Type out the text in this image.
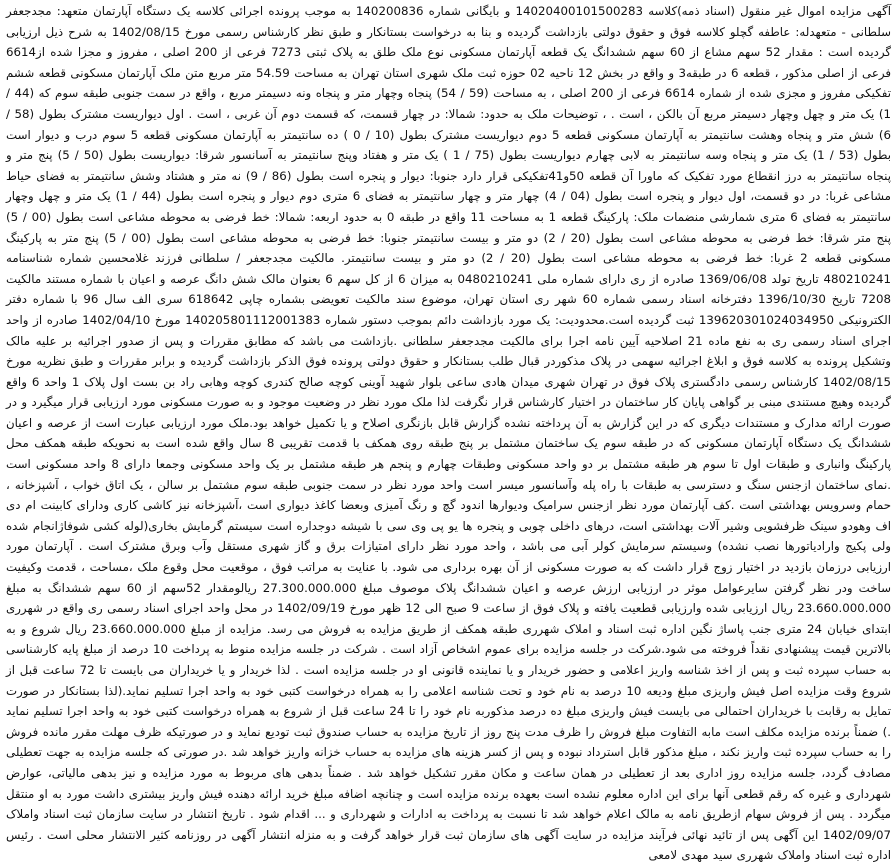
آگهی مزایده اموال غیر منقول (اسناد ذمه)کلاسه 14020400101500283 و بایگانی شماره 140200836 به موجب پرونده اجرائی کلاسه یک دستگاه آپارتمان متعهد: مجدجعفر سلطانی - متعهدله: عاطفه گچلو کلاسه فوق و حقوق دولتی بازداشت گردیده و بنا به درخواست بستانکار و طبق نظر کارشناس رسمی مورخ 1402/08/15 به شرح ذیل ارزیابی گردیده است : مقدار 52 سهم مشاع از 60 سهم ششدانگ یک قطعه آپارتمان مسکونی نوع ملک طلق به پلاک ثبتی 7273 فرعی از 200 اصلی ، مفروز و مجزا شده از6614 فرعی از اصلی مذکور ، قطعه 6 در طبقه3 و واقع در بخش 12 ناحیه 02 حوزه ثبت ملک شهری استان تهران به مساحت 54.59 متر مربع متن ملک آپارتمان مسکونی قطعه ششم تفکیکی مفروز و مجزی شده از شماره 6614 فرعی از 200 اصلی ، به مساحت (59 / 54) پنجاه وچهار متر و پنجاه ونه دسیمتر مربع ، واقع در سمت جنوبی طبقه سوم که (44 / 1) یک متر و چهل وچهار دسیمتر مربع آن بالکن ، است . ، توضیحات ملک به حدود: شمالا: در چهار قسمت، که قسمت دوم آن غربی ، است . اول دیواریست مشترک بطول (58 / 6) شش متر و پنجاه وهشت سانتیمتر به آپارتمان مسکونی قطعه 5 دوم دیواریست مشترک بطول (10 / 0 ) ده سانتیمتر به آپارتمان مسکونی قطعه 5 سوم درب و دیوار است بطول (53 / 1) یک متر و پنجاه وسه سانتیمتر به لابی چهارم دیواریست بطول (75 / 1 ) یک متر و هفتاد وپنج سانتیمتر به آسانسور شرقا: دیواریست بطول (50 / 5) پنج متر و پنجاه سانتیمتر به درز انقطاع مورد تفکیک که ماورا آن قطعه 50و41تفکیکی قرار دارد جنوبا: دیوار و پنجره است بطول (86 / 9) نه متر و هشتاد وشش سانتیمتر به فضای حیاط مشاعی غربا: در دو قسمت، اول دیوار و پنجره است بطول (04 / 4) چهار متر و چهار سانتیمتر به فضای 6 متری دوم دیوار و پنجره است بطول (44 / 1) یک متر و چهل وچهار سانتیمتر به فضای 6 متری شمارشی منضمات ملک: پارکینگ قطعه 1 به مساحت 11 واقع در طبقه 0 به حدود اربعه: شمالا: خط فرضی به محوطه مشاعی است بطول (00 / 5) پنج متر شرقا: خط فرضی به محوطه مشاعی است بطول (20 / 2) دو متر و بیست سانتیمتر جنوبا: خط فرضی به محوطه مشاعی است بطول (00 / 5) پنج متر به پارکینگ مسکونی قطعه 2 غربا: خط فرضی به محوطه مشاعی است بطول (20 / 2) دو متر و بیست سانتیمتر. مالکیت مجدجعفر / سلطانی فرزند غلامحسین شماره شناسنامه 480210241 تاریخ تولد 1369/06/08 صادره از ری دارای شماره ملی 0480210241 به میزان 6 از کل سهم 6 بعنوان مالک شش دانگ عرصه و اعیان با شماره مستند مالکیت 7208 تاریخ 1396/10/30 دفترخانه اسناد رسمی شماره 60 شهر ری استان تهران، موضوع سند مالکیت تعویضی بشماره چاپی 618642 سری الف سال 96 با شماره دفتر الکترونیکی 139620301024034950 ثبت گردیده است.محدودیت: یک مورد بازداشت دائم بموجب دستور شماره 140205801112001383 مورخ 1402/04/10 صادره از واحد اجرای اسناد رسمی ری به نفع ماده 21 اصلاحیه آیین نامه اجرا برای مالکیت مجدجعفر سلطانی .بازداشت می باشد که مطابق مقررات و پس از صدور اجرائیه بر علیه مالک وتشکیل پرونده به کلاسه فوق و ابلاغ اجرائیه سهمی در پلاک مذکوردر قبال طلب بستانکار و حقوق دولتی پرونده فوق الذکر بازداشت گردیده و برابر مقررات و طبق نظریه مورخ 1402/08/15 کارشناس رسمی دادگستری پلاک فوق در تهران شهری میدان هادی ساعی بلوار شهید آوینی کوچه صالح کندری کوچه وهابی راد بن بست اول پلاک 1 واحد 6 واقع گردیده وهیچ مستندی مبنی بر گواهی پایان کار ساختمان در اختیار کارشناس قرار نگرفت لذا ملک مورد نظر در وضعیت موجود و به صورت مسکونی مورد ارزیابی قرار میگیرد و در صورت ارائه مدارک و مستندات دیگری که در این گزارش به آن پرداخته نشده گزارش قابل بازنگری اصلاح و یا تکمیل خواهد بود.ملک مورد ارزیابی عبارت است از عرصه و اعیان ششدانگ یک دستگاه آپارتمان مسکونی که در طبقه سوم یک ساختمان مشتمل بر پنج طبقه روی همکف با قدمت تقریبی 8 سال واقع شده است به نحویکه طبقه همکف محل پارکینگ وانباری و طبقات اول تا سوم هر طبقه مشتمل بر دو واحد مسکونی وطبقات چهارم و پنجم هر طبقه مشتمل بر یک واحد مسکونی وجمعا دارای 8 واحد مسکونی است .نمای ساختمان ازجنس سنگ و دسترسی به طبقات با راه پله وآسانسور میسر است واحد مورد نظر در سمت جنوبی طبقه سوم مشتمل بر سالن ، یک اتاق خواب ، آشپزخانه ، حمام وسرویس بهداشتی است .کف آپارتمان مورد نظر ازجنس سرامیک ودیوارها اندود گچ و رنگ آمیزی وبعضا کاغذ دیواری است ،آشپزخانه نیز کاشی کاری ودارای کابینت ام دی اف وهودو سینک ظرفشویی وشیر آلات بهداشتی است، درهای داخلی چوبی و پنجره ها یو پی وی سی با شیشه دوجداره است سیستم گرمایش بخاری(لوله کشی شوفاژانجام شده ولی پکیج وارادیاتورها نصب نشده) وسیستم سرمایش کولر آبی می باشد ، واحد مورد نظر دارای امتیازات برق و گاز شهری مستقل وآب وبرق مشترک است . آپارتمان مورد ارزیابی درزمان بازدید در اختیار زوج قرار داشت که به صورت مسکونی از آن بهره برداری می شود. با عنایت به مراتب فوق ، موقعیت محل وقوع ملک ،مساحت ، قدمت وکیفیت ساخت ودر نظر گرفتن سایرعوامل موثر در ارزیابی ارزش عرصه و اعیان ششدانگ پلاک موصوف مبلغ 27.300.000.000 ریالومقدار 52سهم از 60 سهم ششدانگ به مبلغ 23.660.000.000 ریال ارزیابی شده وارزیابی قطعیت یافته و پلاک فوق از ساعت 9 صبح الی 12 ظهر مورخ 1402/09/19 در محل واحد اجرای اسناد رسمی ری واقع در شهرری ابتدای خیابان 24 متری جنب پاساژ نگین اداره ثبت اسناد و املاک شهرری طبقه همکف از طریق مزایده به فروش می رسد. مزایده از مبلغ 23.660.000.000 ریال شروع و به بالاترین قیمت پیشنهادی نقداً فروخته می شود.شرکت در جلسه مزایده برای عموم اشخاص آزاد است . شرکت در جلسه مزایده منوط به پرداخت 10 درصد از مبلغ پایه کارشناسی به حساب سپرده ثبت و پس از اخذ شناسه واریز اعلامی و حضور خریدار و یا نماینده قانونی او در جلسه مزایده است . لذا خریدار و یا خریداران می بایست تا 72 ساعت قبل از شروع وقت مزایده اصل فیش واریزی مبلغ ودیعه 10 درصد به نام خود و تحت شناسه اعلامی را به همراه درخواست کتبی خود به واحد اجرا تسلیم نماید.(لذا بستانکار در صورت تمایل به رقابت با خریداران احتمالی می بایست فیش واریزی مبلغ ده درصد مذکوربه نام خود را تا 24 ساعت قبل از شروع به همراه درخواست کتبی خود به واحد اجرا تسلیم نماید .) ضمناً برنده مزایده مکلف است مابه التفاوت مبلغ فروش را ظرف مدت پنج روز از تاریخ مزایده به حساب صندوق ثبت تودیع نماید و در صورتیکه ظرف مهلت مقرر مانده فروش را به حساب سپرده ثبت واریز نکند ، مبلغ مذکور قابل استرداد نبوده و پس از کسر هزینه های مزایده به حساب خزانه واریز خواهد شد .در صورتی که جلسه مزایده به جهت تعطیلی مصادف گردد، جلسه مزایده روز اداری بعد از تعطیلی در همان ساعت و مکان مقرر تشکیل خواهد شد . ضمناً بدهی های مربوط به مورد مزایده و نیز بدهی مالیاتی، عوارض شهرداری و غیره که رقم قطعی آنها برای این اداره معلوم نشده است بعهده برنده مزایده است و چنانچه اضافه مبلغ خرید ارائه دهنده فیش واریز بیشتری داشت مورد به او منتقل میگردد . پس از فروش سهام ازطریق نامه به مالک اعلام خواهد شد تا نسبت به پرداخت به ادارات و شهرداری و ... اقدام شود . تاریخ انتشار در سایت سازمان ثبت اسناد واملاک 1402/09/07 این آگهی پس از تائید نهائی فرآیند مزایده در سایت آگهی های سازمان ثبت قرار خواهد گرفت و به منزله انتشار آگهی در روزنامه کثیر الانتشار محلی است . رئیس اداره ثبت اسناد واملاک شهرری سید مهدی لامعی
